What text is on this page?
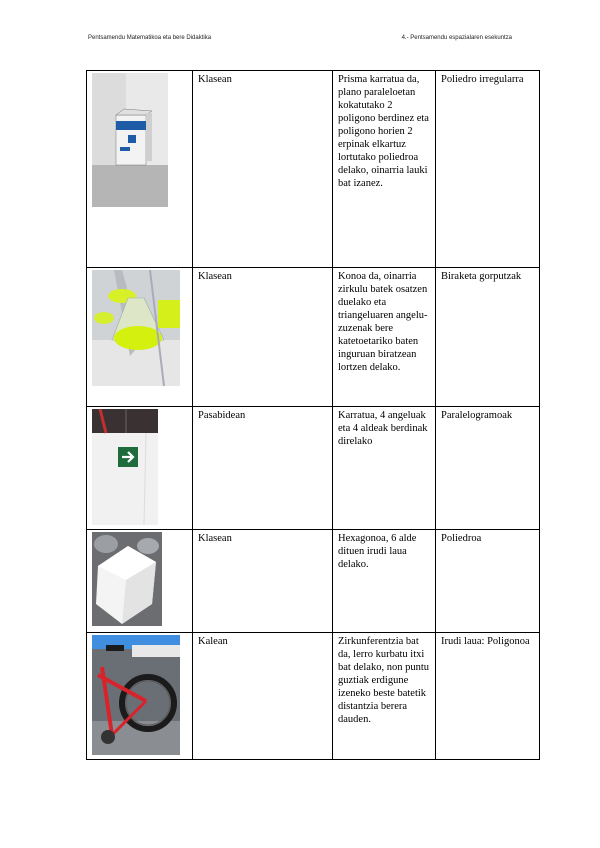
Pentsamendu Matematikoa eta bere Didaktika	4.- Pentsamendu espazialaren esekuntza
	Klasean	Prisma karratua da, plano paraleloetan kokatutako 2 poligono berdinez eta poligono horien 2 erpinak elkartuz lortutako poliedroa delako, oinarria lauki bat izanez.	Poliedro irregularra

	Klasean	Konoa da, oinarria zirkulu batek osatzen duelako eta triangeluaren angelu-zuzenak bere katetoetariko baten inguruan biratzean lortzen delako.	Biraketa gorputzak

	Pasabidean	Karratua, 4 angeluak eta 4 aldeak berdinak direlako	Paralelogramoak

	Klasean	Hexagonoa, 6 alde dituen irudi laua delako.	Poliedroa

	Kalean	Zirkunferentzia bat da, lerro kurbatu itxi bat delako, non puntu guztiak erdigune izeneko beste batetik distantzia berera dauden.	Irudi laua: Poligonoa
